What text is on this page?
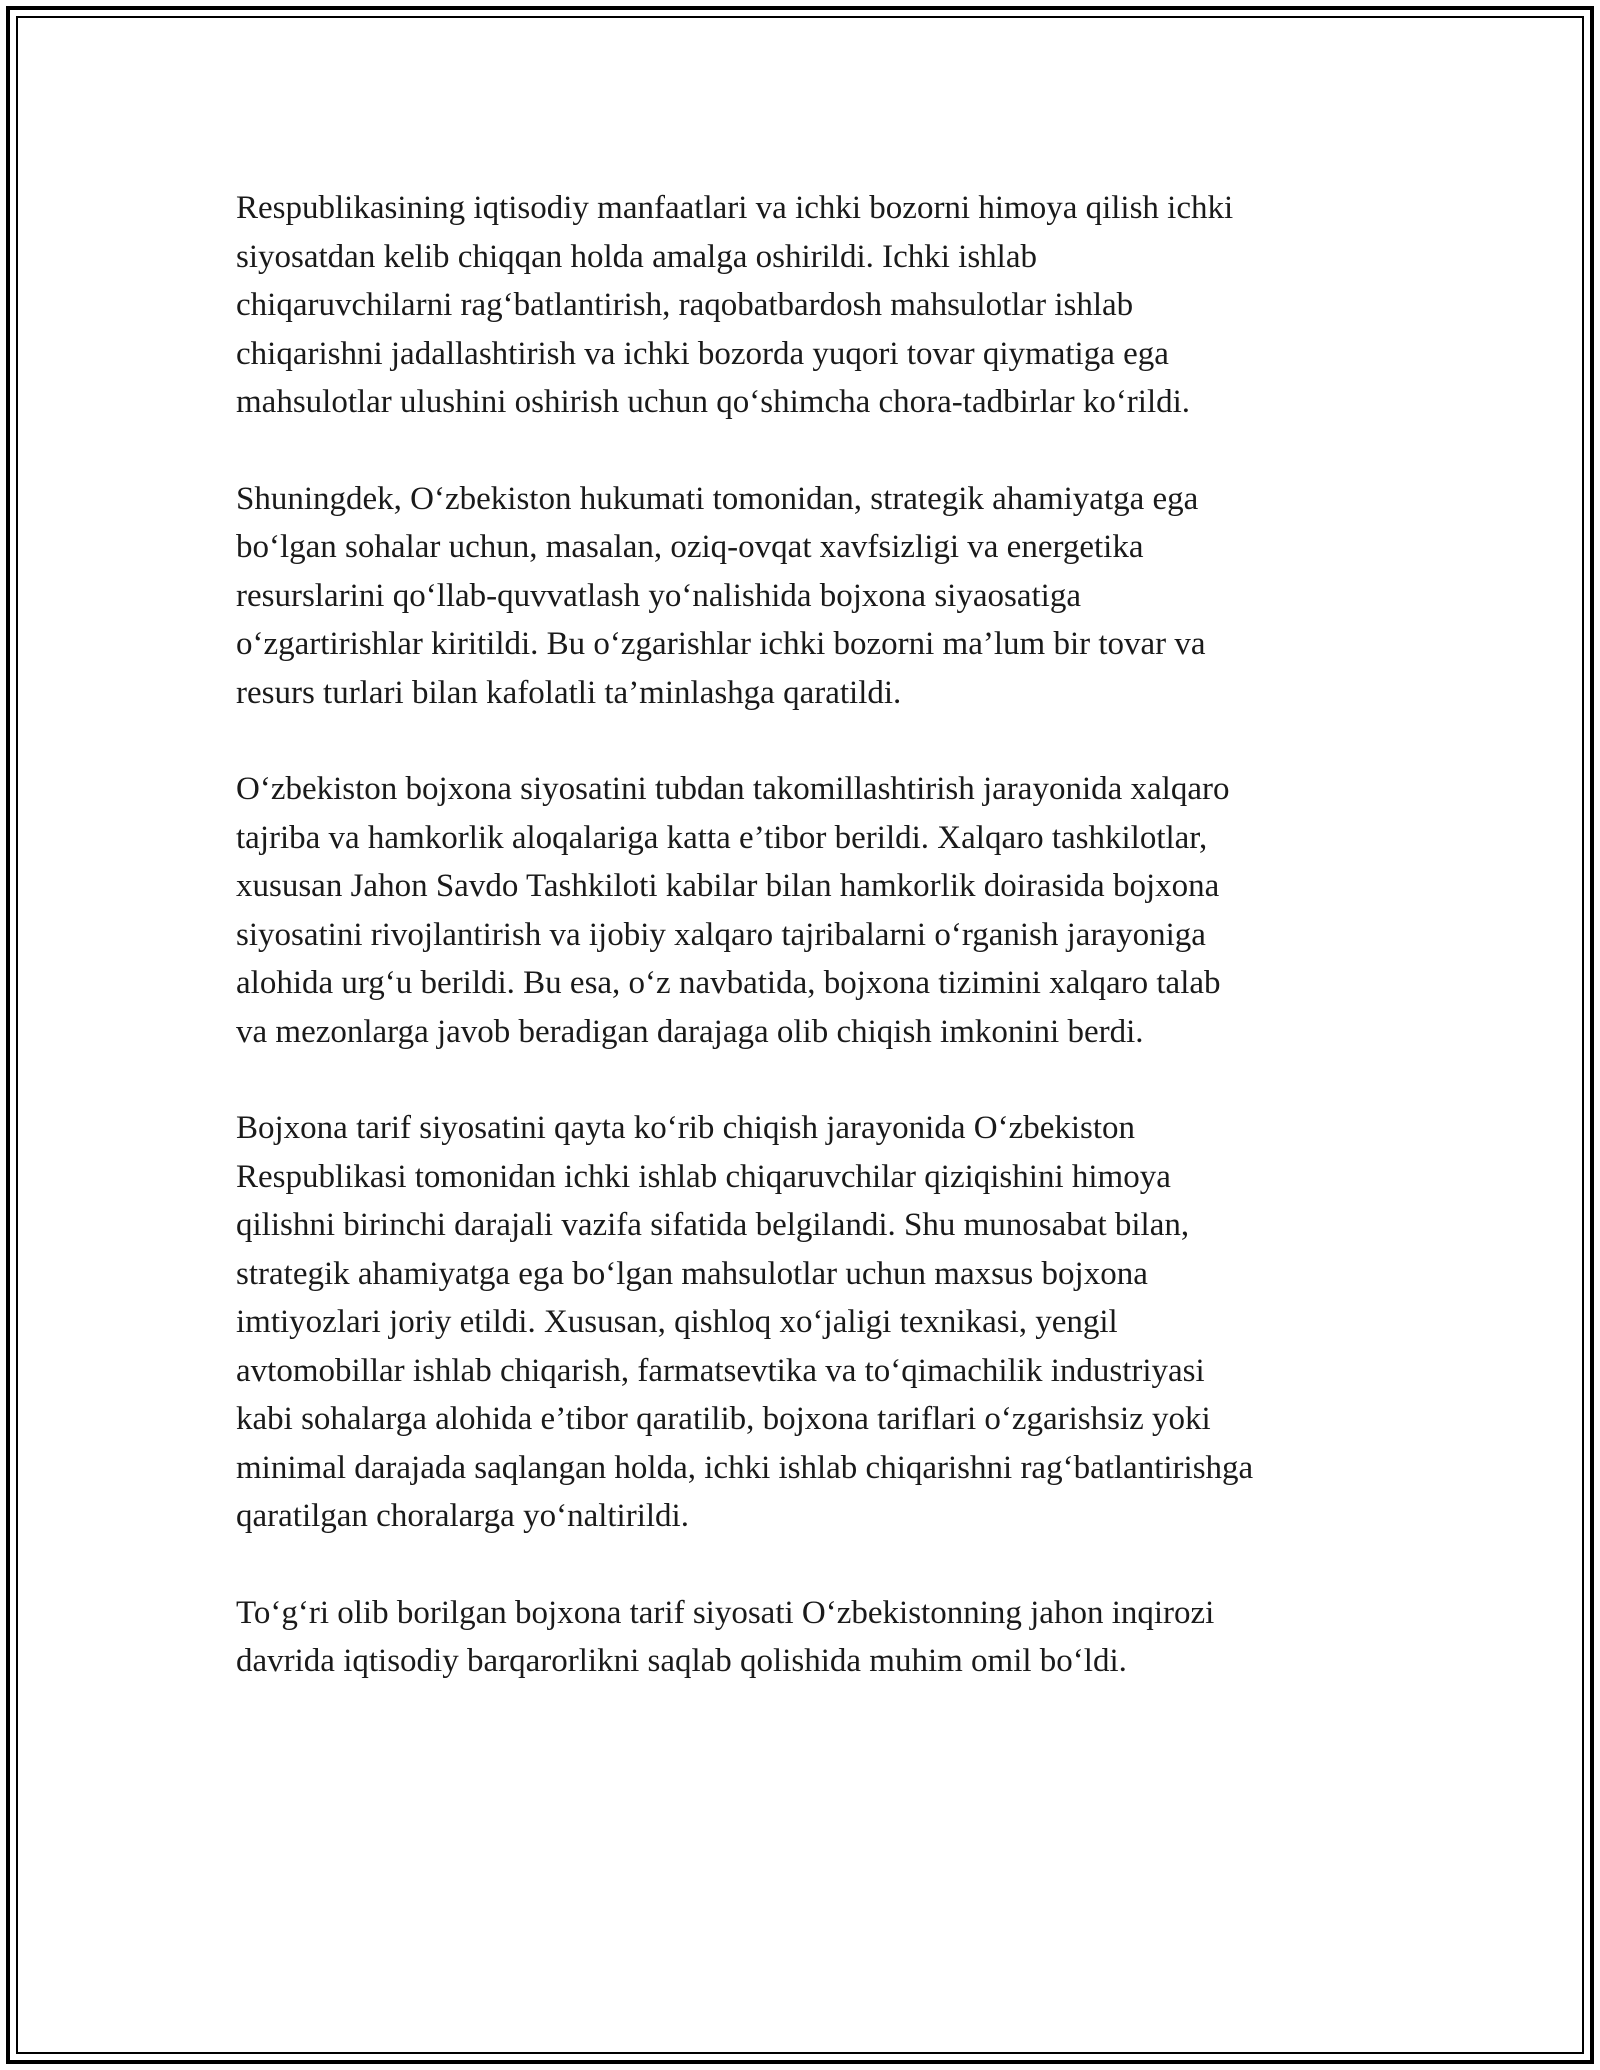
Respublikasining iqtisodiy manfaatlari va ichki bozorni himoya qilish ichki
siyosatdan kelib chiqqan holda amalga oshirildi. Ichki ishlab
chiqaruvchilarni rag‘batlantirish, raqobatbardosh mahsulotlar ishlab
chiqarishni jadallashtirish va ichki bozorda yuqori tovar qiymatiga ega
mahsulotlar ulushini oshirish uchun qo‘shimcha chora-tadbirlar ko‘rildi.

Shuningdek, O‘zbekiston hukumati tomonidan, strategik ahamiyatga ega
bo‘lgan sohalar uchun, masalan, oziq-ovqat xavfsizligi va energetika
resurslarini qo‘llab-quvvatlash yo‘nalishida bojxona siyaosatiga
o‘zgartirishlar kiritildi. Bu o‘zgarishlar ichki bozorni ma’lum bir tovar va
resurs turlari bilan kafolatli ta’minlashga qaratildi.

O‘zbekiston bojxona siyosatini tubdan takomillashtirish jarayonida xalqaro
tajriba va hamkorlik aloqalariga katta e’tibor berildi. Xalqaro tashkilotlar,
xususan Jahon Savdo Tashkiloti kabilar bilan hamkorlik doirasida bojxona
siyosatini rivojlantirish va ijobiy xalqaro tajribalarni o‘rganish jarayoniga
alohida urg‘u berildi. Bu esa, o‘z navbatida, bojxona tizimini xalqaro talab
va mezonlarga javob beradigan darajaga olib chiqish imkonini berdi.

Bojxona tarif siyosatini qayta ko‘rib chiqish jarayonida O‘zbekiston
Respublikasi tomonidan ichki ishlab chiqaruvchilar qiziqishini himoya
qilishni birinchi darajali vazifa sifatida belgilandi. Shu munosabat bilan,
strategik ahamiyatga ega bo‘lgan mahsulotlar uchun maxsus bojxona
imtiyozlari joriy etildi. Xususan, qishloq xo‘jaligi texnikasi, yengil
avtomobillar ishlab chiqarish, farmatsevtika va to‘qimachilik industriyasi
kabi sohalarga alohida e’tibor qaratilib, bojxona tariflari o‘zgarishsiz yoki
minimal darajada saqlangan holda, ichki ishlab chiqarishni rag‘batlantirishga
qaratilgan choralarga yo‘naltirildi.

To‘g‘ri olib borilgan bojxona tarif siyosati O‘zbekistonning jahon inqirozi
davrida iqtisodiy barqarorlikni saqlab qolishida muhim omil bo‘ldi.
